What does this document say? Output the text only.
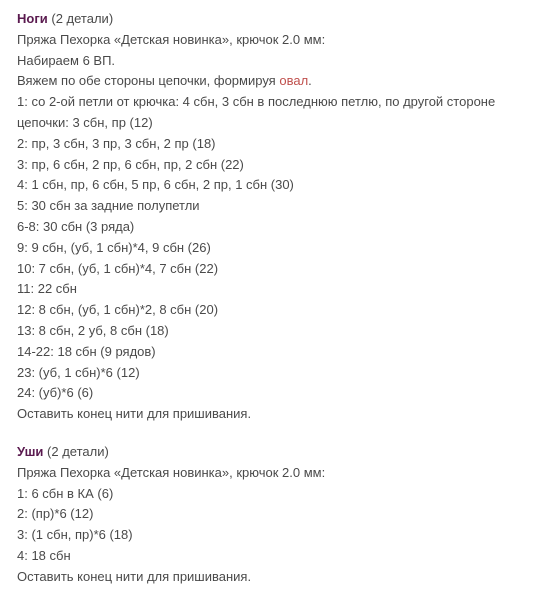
Ноги (2 детали)
Пряжа Пехорка «Детская новинка», крючок 2.0 мм:
Набираем 6 ВП.
Вяжем по обе стороны цепочки, формируя овал.
1: со 2-ой петли от крючка: 4 сбн, 3 сбн в последнюю петлю, по другой стороне
цепочки: 3 сбн, пр (12)
2: пр, 3 сбн, 3 пр, 3 сбн, 2 пр (18)
3: пр, 6 сбн, 2 пр, 6 сбн, пр, 2 сбн (22)
4: 1 сбн, пр, 6 сбн, 5 пр, 6 сбн, 2 пр, 1 сбн (30)
5: 30 сбн за задние полупетли
6-8: 30 сбн (3 ряда)
9: 9 сбн, (уб, 1 сбн)*4, 9 сбн (26)
10: 7 сбн, (уб, 1 сбн)*4, 7 сбн (22)
11: 22 сбн
12: 8 сбн, (уб, 1 сбн)*2, 8 сбн (20)
13: 8 сбн, 2 уб, 8 сбн (18)
14-22: 18 сбн (9 рядов)
23: (уб, 1 сбн)*6 (12)
24: (уб)*6 (6)
Оставить конец нити для пришивания.
Уши (2 детали)
Пряжа Пехорка «Детская новинка», крючок 2.0 мм:
1: 6 сбн в КА (6)
2: (пр)*6 (12)
3: (1 сбн, пр)*6 (18)
4: 18 сбн
Оставить конец нити для пришивания.
